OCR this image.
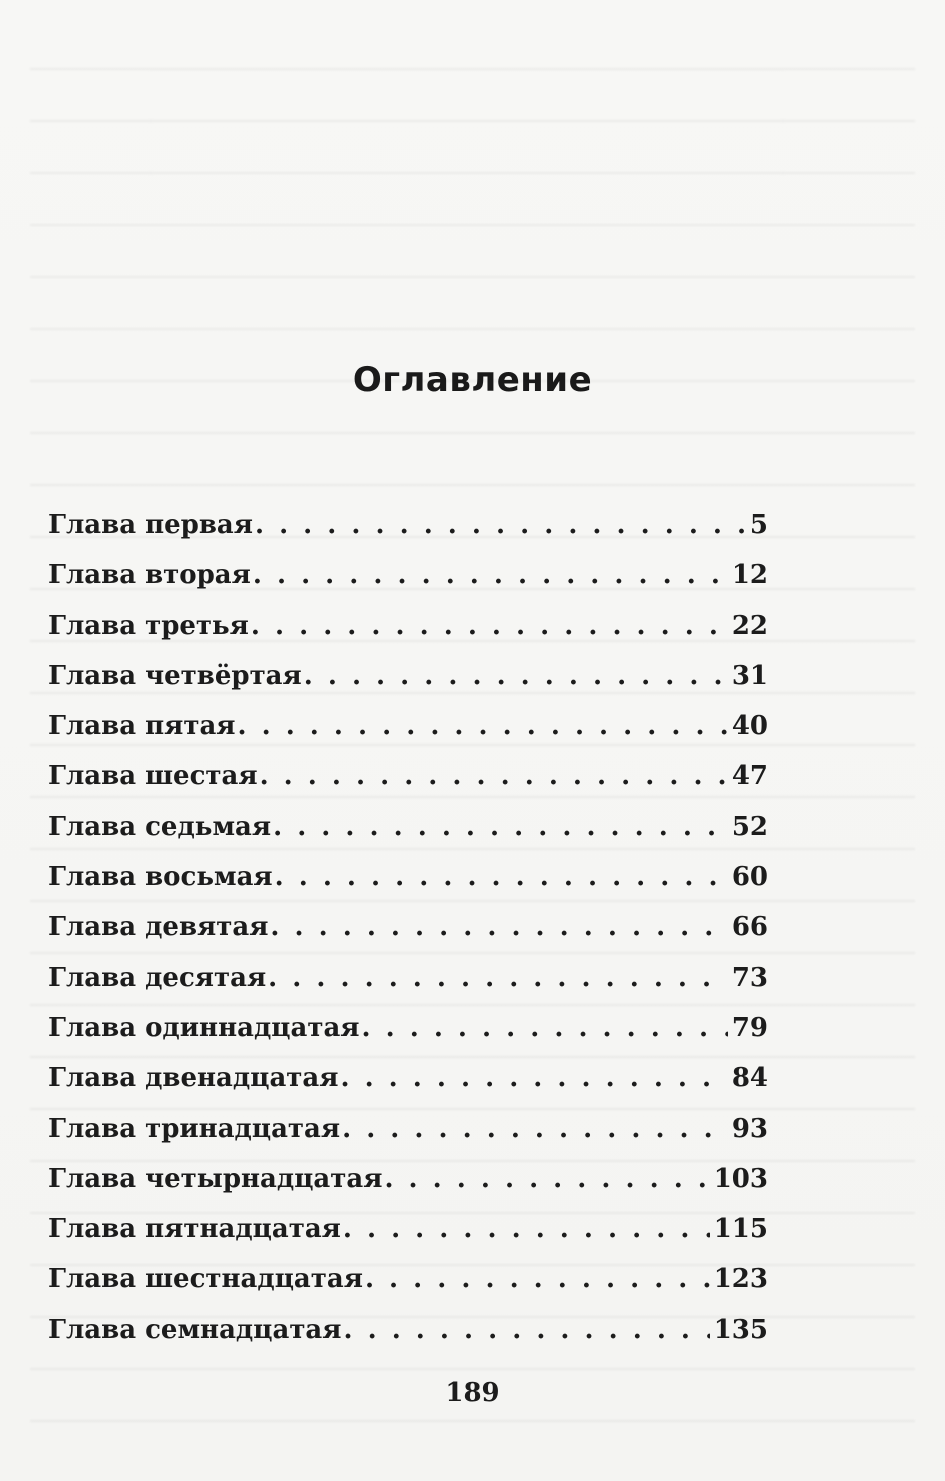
Оглавление
Глава первая . . .	5
Глава вторая . . .	12
Глава третья . . .	22
Глава четвёртая . . .	31
Глава пятая . . .	40
Глава шестая . . .	47
Глава седьмая . . .	52
Глава восьмая . . .	60
Глава девятая . . .	66
Глава десятая . . .	73
Глава одиннадцатая . . .	79
Глава двенадцатая . . .	84
Глава тринадцатая . . .	93
Глава четырнадцатая . . .	103
Глава пятнадцатая . . .	115
Глава шестнадцатая . . .	123
Глава семнадцатая . . .	135
189
